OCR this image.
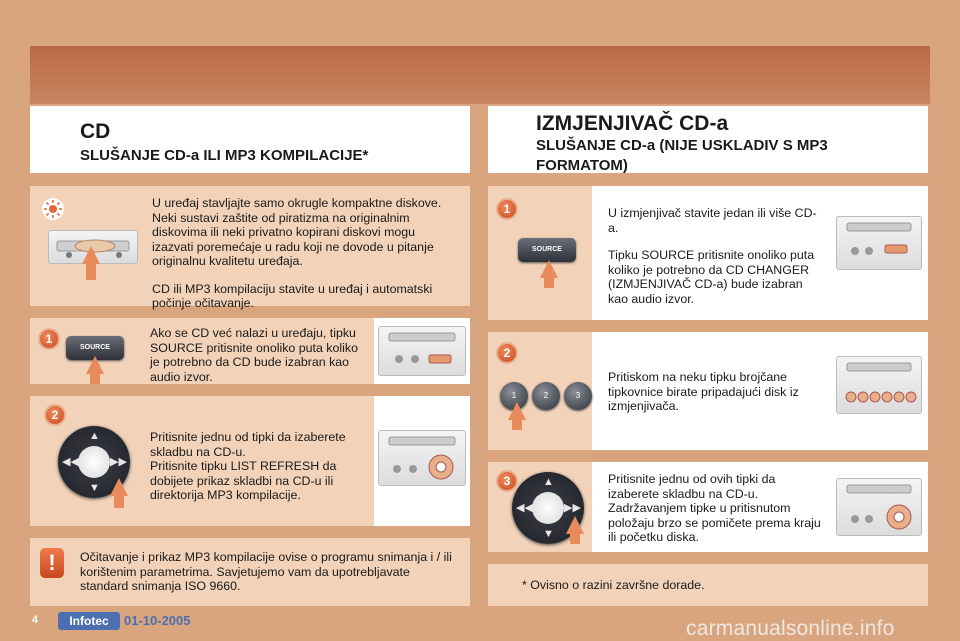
CD
SLUŠANJE CD-a ILI MP3 KOMPILACIJE*
IZMJENJIVAČ CD-a
SLUŠANJE CD-a (NIJE USKLADIV S MP3
FORMATOM)

U uređaj stavljajte samo okrugle kompaktne diskove. Neki sustavi zaštite od piratizma na originalnim diskovima ili neki privatno kopirani diskovi mogu izazvati poremećaje u radu koji ne dovode u pitanje originalnu kvalitetu uređaja.

CD ili MP3 kompilaciju stavite u uređaj i automatski počinje očitavanje.

1
SOURCE
Ako se CD već nalazi u uređaju, tipku SOURCE pritisnite onoliko puta koliko je potrebno da CD bude izabran kao audio izvor.
2
▲
▼
◀◀	▶▶

Pritisnite jednu od tipki da izaberete skladbu na CD-u.

Pritisnite tipku LIST REFRESH da dobijete prikaz skladbi na CD-u ili direktorija MP3 kompilacije.

!	Očitavanje i prikaz MP3 kompilacije ovise o programu snimanja i / ili korištenim parametrima. Savjetujemo vam da upotrebljavate standard snimanja ISO 9660.
1
SOURCE

U izmjenjivač stavite jedan ili više CD-a.

Tipku SOURCE pritisnite onoliko puta koliko je potrebno da CD CHANGER (IZMJENJIVAČ CD-a) bude izabran kao audio izvor.

2
1	2	3
Pritiskom na neku tipku brojčane tipkovnice birate pripadajući disk iz izmjenjivača.
3	▲
▼
◀◀	▶▶
Pritisnite jednu od ovih tipki da izaberete skladbu na CD-u. Zadržavanjem tipke u pritisnutom položaju brzo se pomičete prema kraju ili početku diska.
* Ovisno o razini završne dorade.
4	Infotec	01-10-2005	carmanualsonline.info
